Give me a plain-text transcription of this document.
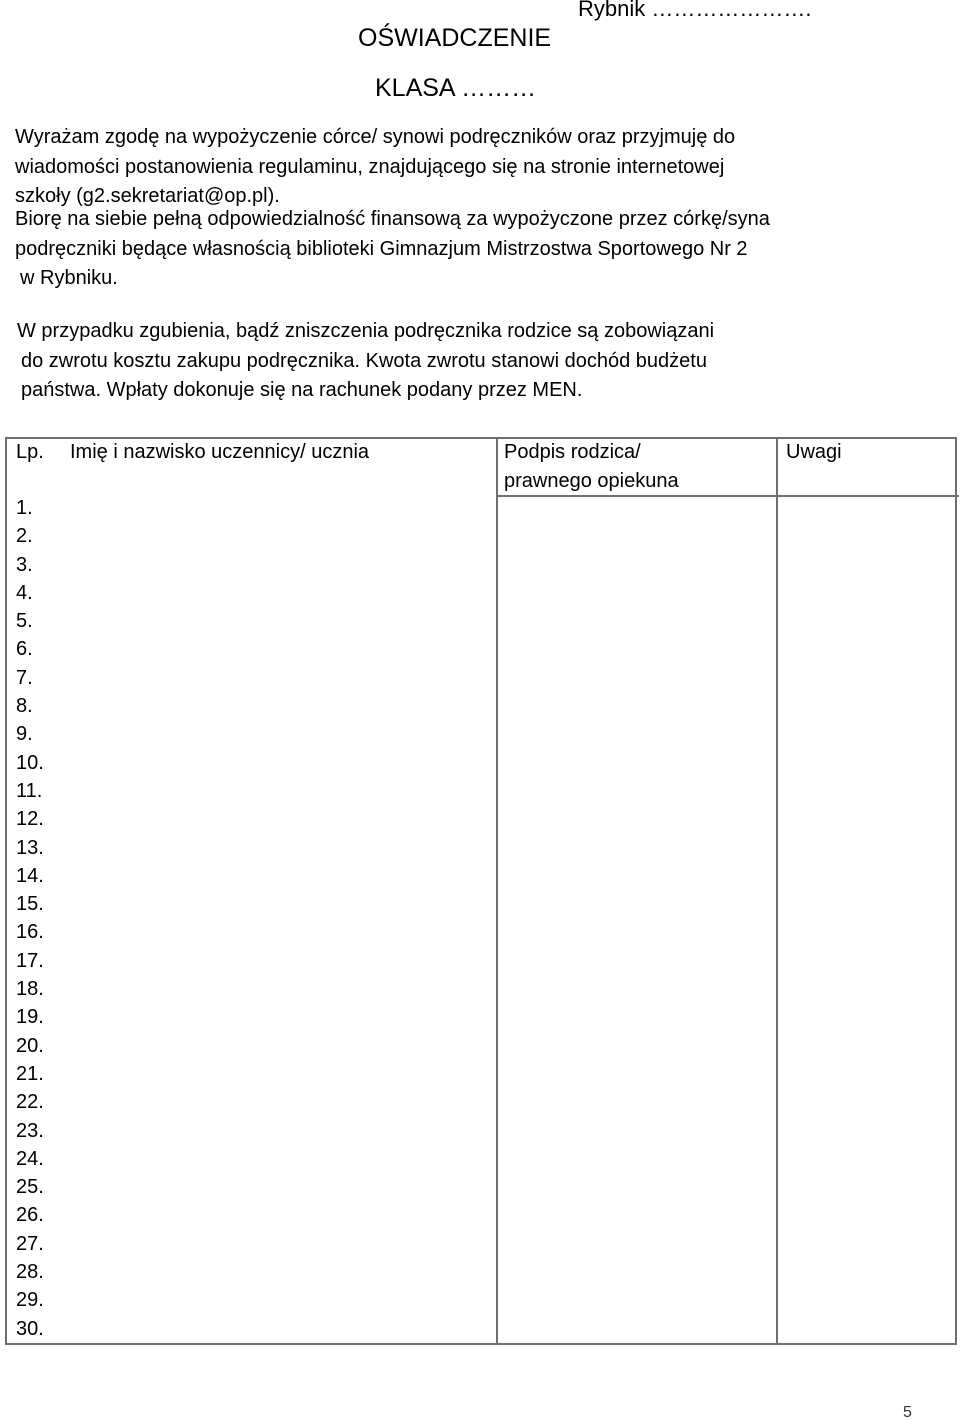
Rybnik ………………….
OŚWIADCZENIE
KLASA ………
Wyrażam zgodę na wypożyczenie córce/ synowi podręczników oraz przyjmuję do
wiadomości postanowienia regulaminu, znajdującego się na stronie internetowej
szkoły (g2.sekretariat@op.pl).
Biorę na siebie pełną odpowiedzialność finansową za wypożyczone przez córkę/syna
podręczniki będące własnością biblioteki Gimnazjum Mistrzostwa Sportowego Nr 2
w Rybniku.
W przypadku zgubienia, bądź zniszczenia podręcznika rodzice są zobowiązani
do zwrotu kosztu zakupu podręcznika. Kwota zwrotu stanowi dochód budżetu
państwa. Wpłaty dokonuje się na rachunek podany przez MEN.
Lp. Imię i nazwisko uczennicy/ ucznia	Podpis rodzica/
prawnego opiekuna
Uwagi
1.
2.
3.
4.
5.
6.
7.
8.
9.
10.
11.
12.
13.
14.
15.
16.
17.
18.
19.
20.
21.
22.
23.
24.
25.
26.
27.
28.
29.
30.
5
